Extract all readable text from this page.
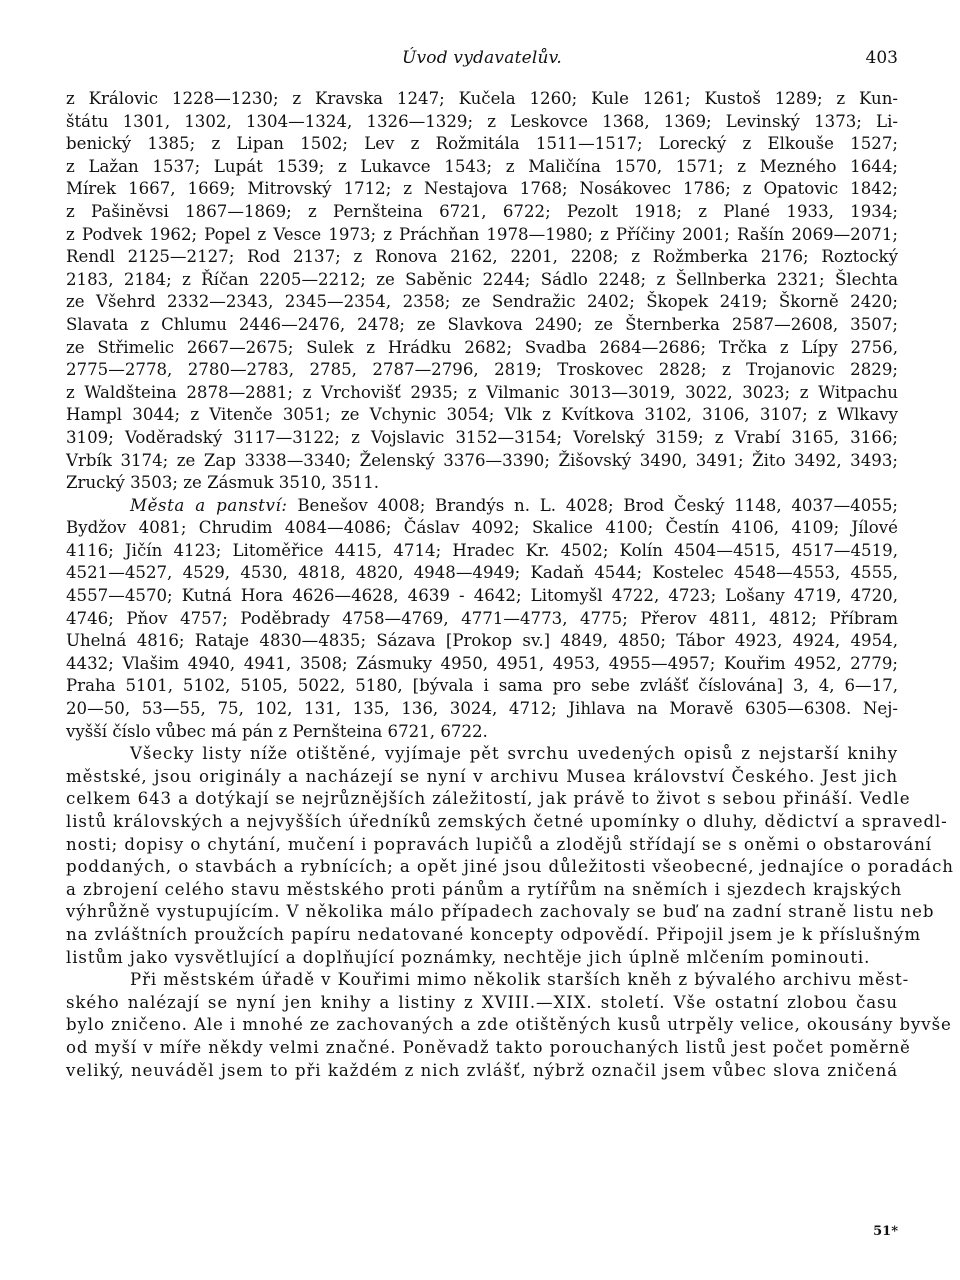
Úvod vydavatelův.	403
z Královic 1228—1230; z Kravska 1247; Kučela 1260; Kule 1261; Kustoš 1289; z Kun-
štátu 1301, 1302, 1304—1324, 1326—1329; z Leskovce 1368, 1369; Levinský 1373; Li-
benický 1385; z Lipan 1502; Lev z Rožmitála 1511—1517; Lorecký z Elkouše 1527;
z Lažan 1537; Lupát 1539; z Lukavce 1543; z Maličína 1570, 1571; z Mezného 1644;
Mírek 1667, 1669; Mitrovský 1712; z Nestajova 1768; Nosákovec 1786; z Opatovic 1842;
z Pašiněvsi 1867—1869; z Pernšteina 6721, 6722; Pezolt 1918; z Plané 1933, 1934;
z Podvek 1962; Popel z Vesce 1973; z Práchňan 1978—1980; z Příčiny 2001; Rašín 2069—2071;
Rendl 2125—2127; Rod 2137; z Ronova 2162, 2201, 2208; z Rožmberka 2176; Roztocký
2183, 2184; z Říčan 2205—2212; ze Saběnic 2244; Sádlo 2248; z Šellnberka 2321; Šlechta
ze Všehrd 2332—2343, 2345—2354, 2358; ze Sendražic 2402; Škopek 2419; Škorně 2420;
Slavata z Chlumu 2446—2476, 2478; ze Slavkova 2490; ze Šternberka 2587—2608, 3507;
ze Střimelic 2667—2675; Sulek z Hrádku 2682; Svadba 2684—2686; Trčka z Lípy 2756,
2775—2778, 2780—2783, 2785, 2787—2796, 2819; Troskovec 2828; z Trojanovic 2829;
z Waldšteina 2878—2881; z Vrchovišť 2935; z Vilmanic 3013—3019, 3022, 3023; z Witpachu
Hampl 3044; z Vitenče 3051; ze Vchynic 3054; Vlk z Kvítkova 3102, 3106, 3107; z Wlkavy
3109; Voděradský 3117—3122; z Vojslavic 3152—3154; Vorelský 3159; z Vrabí 3165, 3166;
Vrbík 3174; ze Zap 3338—3340; Želenský 3376—3390; Žišovský 3490, 3491; Žito 3492, 3493;
Zrucký 3503; ze Zásmuk 3510, 3511.
Města a panství: Benešov 4008; Brandýs n. L. 4028; Brod Český 1148, 4037—4055;
Bydžov 4081; Chrudim 4084—4086; Čáslav 4092; Skalice 4100; Čestín 4106, 4109; Jílové
4116; Jičín 4123; Litoměřice 4415, 4714; Hradec Kr. 4502; Kolín 4504—4515, 4517—4519,
4521—4527, 4529, 4530, 4818, 4820, 4948—4949; Kadaň 4544; Kostelec 4548—4553, 4555,
4557—4570; Kutná Hora 4626—4628, 4639 - 4642; Litomyšl 4722, 4723; Lošany 4719, 4720,
4746; Pňov 4757; Poděbrady 4758—4769, 4771—4773, 4775; Přerov 4811, 4812; Příbram
Uhelná 4816; Rataje 4830—4835; Sázava [Prokop sv.] 4849, 4850; Tábor 4923, 4924, 4954,
4432; Vlašim 4940, 4941, 3508; Zásmuky 4950, 4951, 4953, 4955—4957; Kouřim 4952, 2779;
Praha 5101, 5102, 5105, 5022, 5180, [bývala i sama pro sebe zvlášť číslována] 3, 4, 6—17,
20—50, 53—55, 75, 102, 131, 135, 136, 3024, 4712; Jihlava na Moravě 6305—6308. Nej-
vyšší číslo vůbec má pán z Pernšteina 6721, 6722.
Všecky listy níže otištěné, vyjímaje pět svrchu uvedených opisů z nejstarší knihy
městské, jsou originály a nacházejí se nyní v archivu Musea království Českého. Jest jich
celkem 643 a dotýkají se nejrůznějších záležitostí, jak právě to život s sebou přináší. Vedle
listů královských a nejvyšších úředníků zemských četné upomínky o dluhy, dědictví a spravedl-
nosti; dopisy o chytání, mučení i popravách lupičů a zlodějů střídají se s oněmi o obstarování
poddaných, o stavbách a rybnících; a opět jiné jsou důležitosti všeobecné, jednajíce o poradách
a zbrojení celého stavu městského proti pánům a rytířům na sněmích i sjezdech krajských
výhrůžně vystupujícím. V několika málo případech zachovaly se buď na zadní straně listu neb
na zvláštních proužcích papíru nedatované koncepty odpovědí. Připojil jsem je k příslušným
listům jako vysvětlující a doplňující poznámky, nechtěje jich úplně mlčením pominouti.
Při městském úřadě v Kouřimi mimo několik starších kněh z bývalého archivu měst-
ského nalézají se nyní jen knihy a listiny z XVIII.—XIX. století. Vše ostatní zlobou času
bylo zničeno. Ale i mnohé ze zachovaných a zde otištěných kusů utrpěly velice, okousány byvše
od myší v míře někdy velmi značné. Poněvadž takto porouchaných listů jest počet poměrně
veliký, neuváděl jsem to při každém z nich zvlášť, nýbrž označil jsem vůbec slova zničená
51*
